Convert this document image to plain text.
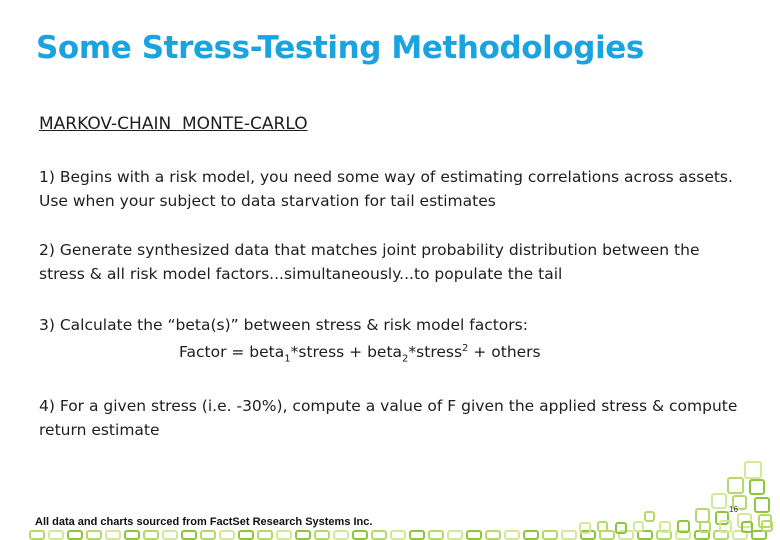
Some Stress-Testing Methodologies
MARKOV-CHAIN  MONTE-CARLO
1) Begins with a risk model, you need some way of estimating correlations across assets. Use when your subject to data starvation for tail estimates
2) Generate synthesized data that matches joint probability distribution between the stress & all risk model factors...simultaneously...to populate the tail
3) Calculate the “beta(s)” between stress & risk model factors:
Factor = beta$_1$*stress + beta$_2$*stress$^2$ + others
4) For a given stress (i.e. -30%), compute a value of F given the applied stress & compute return estimate
All data and charts sourced from FactSet Research Systems Inc.
16
